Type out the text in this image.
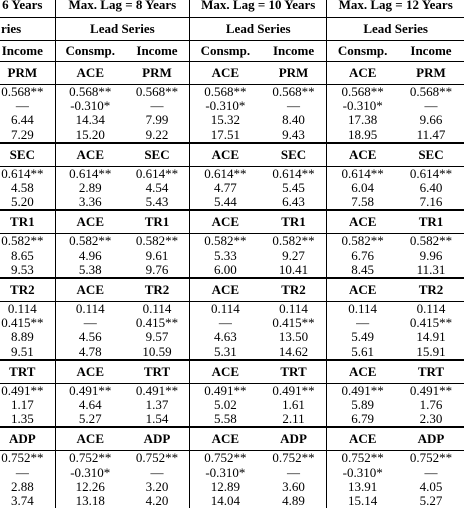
6 Years	Max. Lag = 8 Years		Max. Lag = 10 Years		Max. Lag = 12 Years	
ries	Lead Series		Lead Series		Lead Series	
Income	Consmp.	Income	Consmp.	Income	Consmp.	Income
PRM	ACE	PRM	ACE	PRM	ACE	PRM
0.568**	0.568**	0.568**	0.568**	0.568**	0.568**	0.568**
—	-0.310*	—	-0.310*	—	-0.310*	—
6.44	14.34	7.99	15.32	8.40	17.38	9.66
7.29	15.20	9.22	17.51	9.43	18.95	11.47
SEC	ACE	SEC	ACE	SEC	ACE	SEC
0.614**	0.614**	0.614**	0.614**	0.614**	0.614**	0.614**
4.58	2.89	4.54	4.77	5.45	6.04	6.40
5.20	3.36	5.43	5.44	6.43	7.58	7.16
TR1	ACE	TR1	ACE	TR1	ACE	TR1
0.582**	0.582**	0.582**	0.582**	0.582**	0.582**	0.582**
8.65	4.96	9.61	5.33	9.27	6.76	9.96
9.53	5.38	9.76	6.00	10.41	8.45	11.31
TR2	ACE	TR2	ACE	TR2	ACE	TR2
0.114	0.114	0.114	0.114	0.114	0.114	0.114
0.415**	—	0.415**	—	0.415**	—	0.415**
8.89	4.56	9.57	4.63	13.50	5.49	14.91
9.51	4.78	10.59	5.31	14.62	5.61	15.91
TRT	ACE	TRT	ACE	TRT	ACE	TRT
0.491**	0.491**	0.491**	0.491**	0.491**	0.491**	0.491**
1.17	4.64	1.37	5.02	1.61	5.89	1.76
1.35	5.27	1.54	5.58	2.11	6.79	2.30
ADP	ACE	ADP	ACE	ADP	ACE	ADP
0.752**	0.752**	0.752**	0.752**	0.752**	0.752**	0.752**
—	-0.310*	—	-0.310*	—	-0.310*	—
2.88	12.26	3.20	12.89	3.60	13.91	4.05
3.74	13.18	4.20	14.04	4.89	15.14	5.27
